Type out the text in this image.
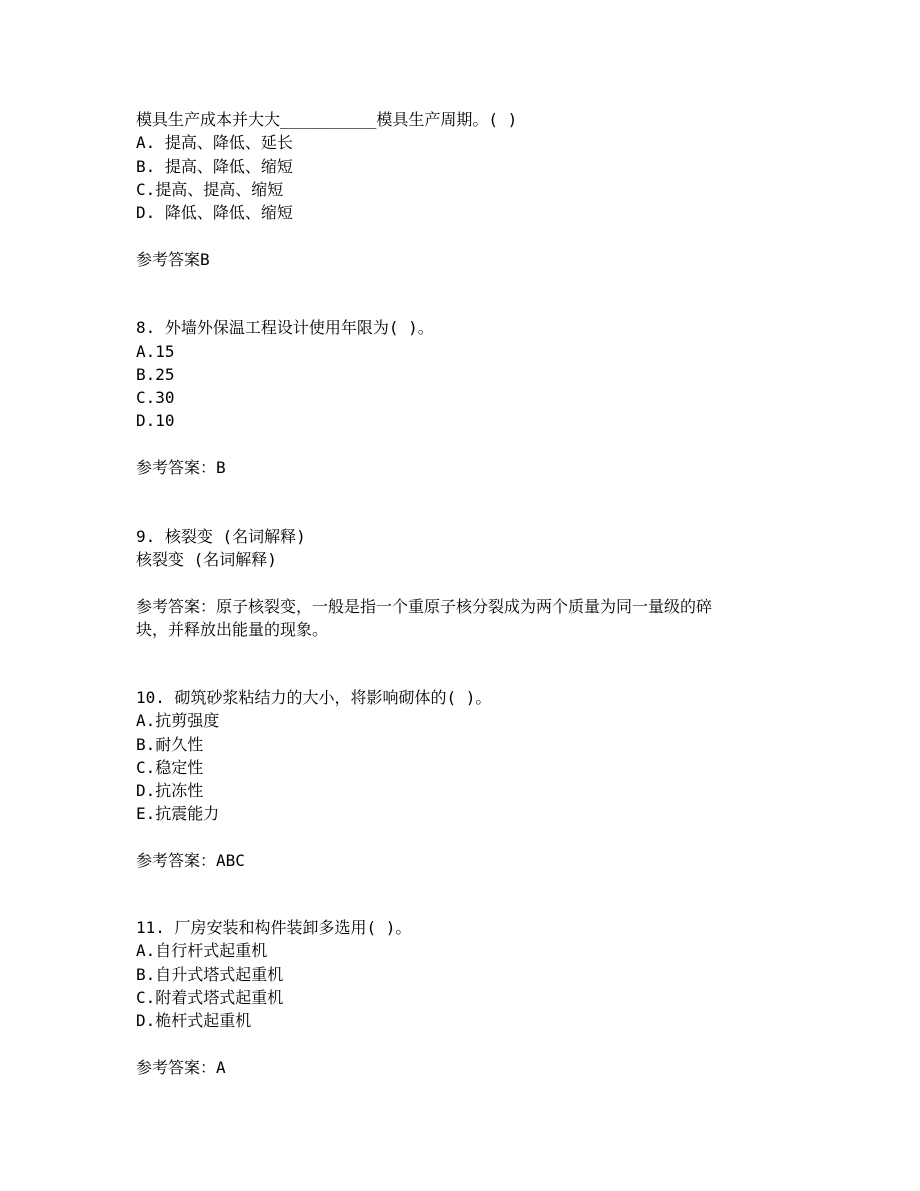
模具生产成本并大大__________模具生产周期。( )
A. 提高、降低、延长
B. 提高、降低、缩短
C.提高、提高、缩短
D. 降低、降低、缩短
参考答案B
8. 外墙外保温工程设计使用年限为( )。
A.15
B.25
C.30
D.10
参考答案：B
9. 核裂变 (名词解释)
核裂变 (名词解释)
参考答案：原子核裂变，一般是指一个重原子核分裂成为两个质量为同一量级的碎
块，并释放出能量的现象。
10. 砌筑砂浆粘结力的大小，将影响砌体的( )。
A.抗剪强度
B.耐久性
C.稳定性
D.抗冻性
E.抗震能力
参考答案：ABC
11. 厂房安装和构件装卸多选用( )。
A.自行杆式起重机
B.自升式塔式起重机
C.附着式塔式起重机
D.桅杆式起重机
参考答案：A
